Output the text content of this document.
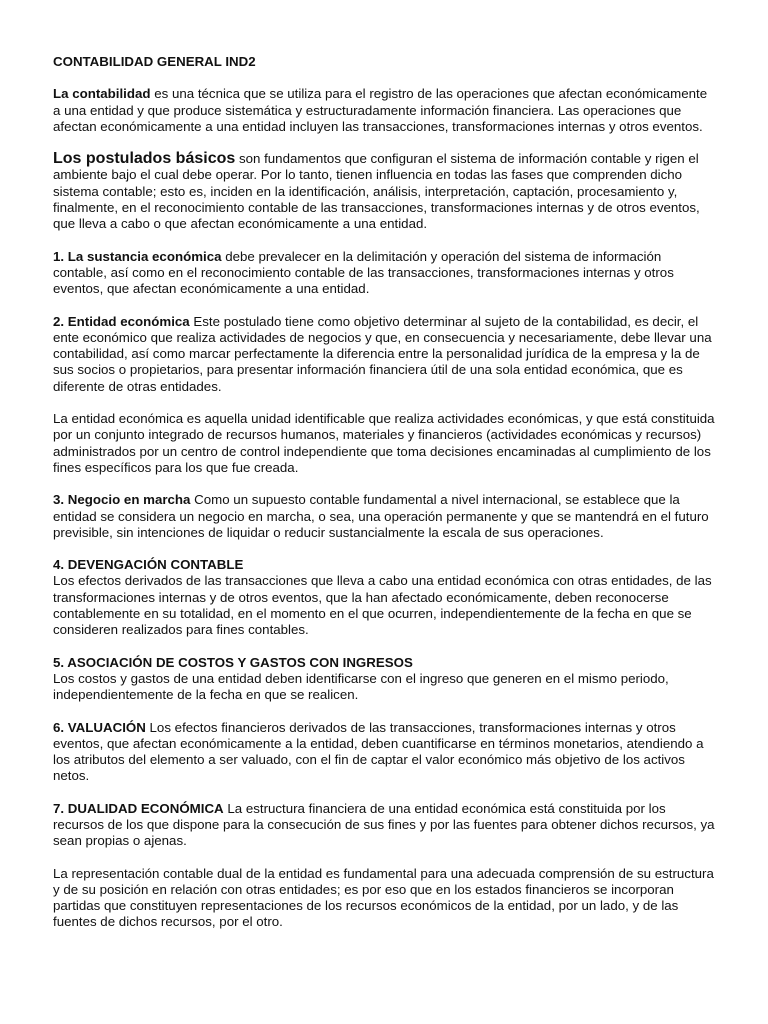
CONTABILIDAD GENERAL IND2

La contabilidad es una técnica que se utiliza para el registro de las operaciones que afectan económicamente a una entidad y que produce sistemática y estructuradamente información financiera. Las operaciones que afectan económicamente a una entidad incluyen las transacciones, transformaciones internas y otros eventos.

Los postulados básicos son fundamentos que configuran el sistema de información contable y rigen el ambiente bajo el cual debe operar. Por lo tanto, tienen influencia en todas las fases que comprenden dicho sistema contable; esto es, inciden en la identificación, análisis, interpretación, captación, procesamiento y, finalmente, en el reconocimiento contable de las transacciones, transformaciones internas y de otros eventos, que lleva a cabo o que afectan económicamente a una entidad.

1. La sustancia económica debe prevalecer en la delimitación y operación del sistema de información contable, así como en el reconocimiento contable de las transacciones, transformaciones internas y otros eventos, que afectan económicamente a una entidad.

2. Entidad económica Este postulado tiene como objetivo determinar al sujeto de la contabilidad, es decir, el ente económico que realiza actividades de negocios y que, en consecuencia y necesariamente, debe llevar una contabilidad, así como marcar perfectamente la diferencia entre la personalidad jurídica de la empresa y la de sus socios o propietarios, para presentar información financiera útil de una sola entidad económica, que es diferente de otras entidades.

La entidad económica es aquella unidad identificable que realiza actividades económicas, y que está constituida por un conjunto integrado de recursos humanos, materiales y financieros (actividades económicas y recursos) administrados por un centro de control independiente que toma decisiones encaminadas al cumplimiento de los fines específicos para los que fue creada.

3. Negocio en marcha Como un supuesto contable fundamental a nivel internacional, se establece que la entidad se considera un negocio en marcha, o sea, una operación permanente y que se mantendrá en el futuro previsible, sin intenciones de liquidar o reducir sustancialmente la escala de sus operaciones.

4. DEVENGACIÓN CONTABLE
Los efectos derivados de las transacciones que lleva a cabo una entidad económica con otras entidades, de las transformaciones internas y de otros eventos, que la han afectado económicamente, deben reconocerse contablemente en su totalidad, en el momento en el que ocurren, independientemente de la fecha en que se consideren realizados para fines contables.

5. ASOCIACIÓN DE COSTOS Y GASTOS CON INGRESOS
Los costos y gastos de una entidad deben identificarse con el ingreso que generen en el mismo periodo, independientemente de la fecha en que se realicen.

6. VALUACIÓN Los efectos financieros derivados de las transacciones, transformaciones internas y otros eventos, que afectan económicamente a la entidad, deben cuantificarse en términos monetarios, atendiendo a los atributos del elemento a ser valuado, con el fin de captar el valor económico más objetivo de los activos netos.

7. DUALIDAD ECONÓMICA La estructura financiera de una entidad económica está constituida por los recursos de los que dispone para la consecución de sus fines y por las fuentes para obtener dichos recursos, ya sean propias o ajenas.

La representación contable dual de la entidad es fundamental para una adecuada comprensión de su estructura y de su posición en relación con otras entidades; es por eso que en los estados financieros se incorporan partidas que constituyen representaciones de los recursos económicos de la entidad, por un lado, y de las fuentes de dichos recursos, por el otro.
